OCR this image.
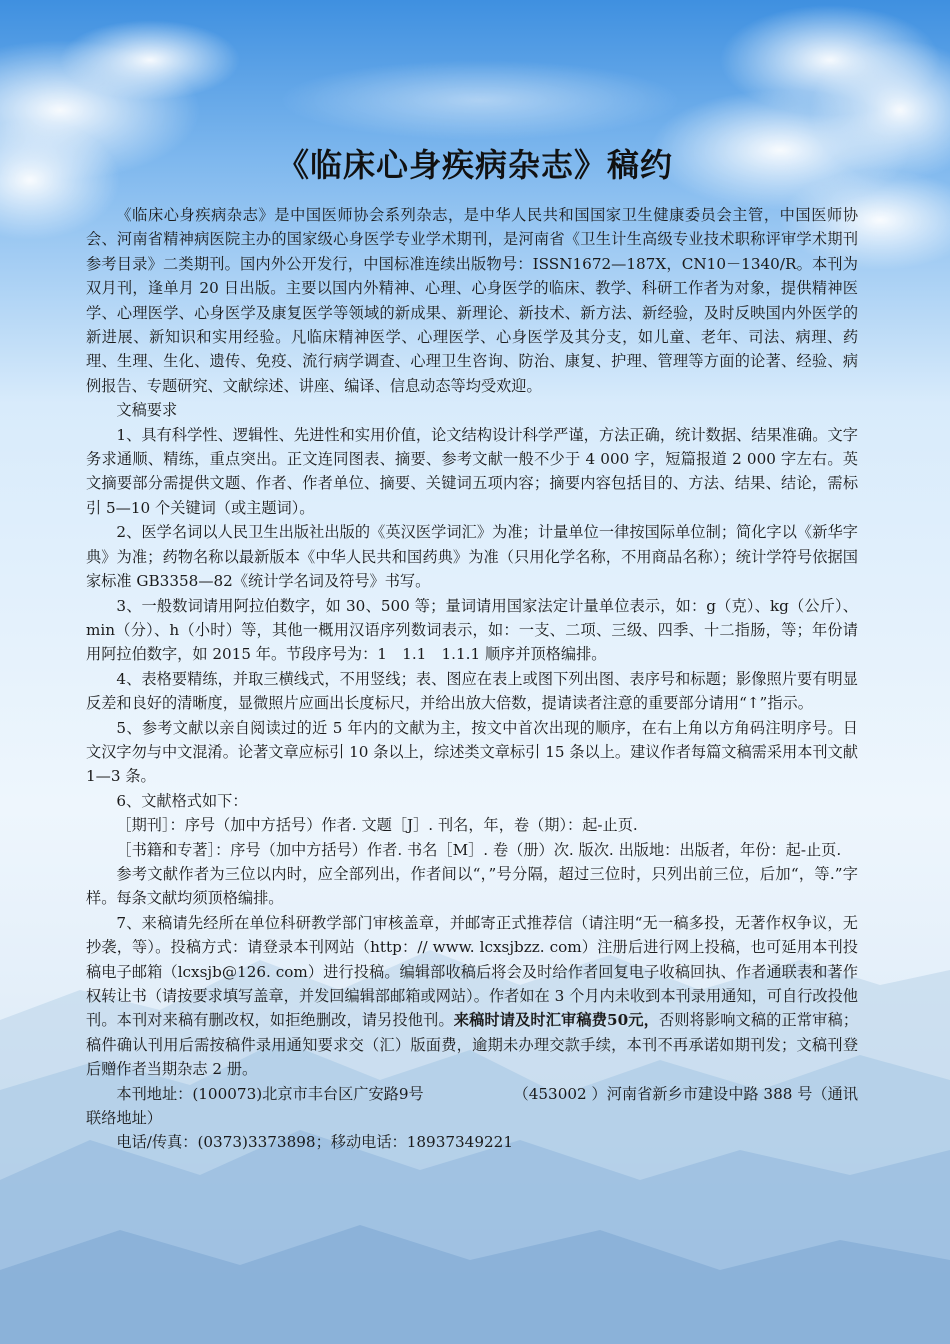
《临床心身疾病杂志》稿约

《临床心身疾病杂志》是中国医师协会系列杂志，是中华人民共和国国家卫生健康委员会主管，中国医师协会、河南省精神病医院主办的国家级心身医学专业学术期刊，是河南省《卫生计生高级专业技术职称评审学术期刊参考目录》二类期刊。国内外公开发行，中国标准连续出版物号：ISSN1672—187X，CN10－1340/R。本刊为双月刊，逢单月 20 日出版。主要以国内外精神、心理、心身医学的临床、教学、科研工作者为对象，提供精神医学、心理医学、心身医学及康复医学等领域的新成果、新理论、新技术、新方法、新经验，及时反映国内外医学的新进展、新知识和实用经验。凡临床精神医学、心理医学、心身医学及其分支，如儿童、老年、司法、病理、药理、生理、生化、遗传、免疫、流行病学调查、心理卫生咨询、防治、康复、护理、管理等方面的论著、经验、病例报告、专题研究、文献综述、讲座、编译、信息动态等均受欢迎。

文稿要求

1、具有科学性、逻辑性、先进性和实用价值，论文结构设计科学严谨，方法正确，统计数据、结果准确。文字务求通顺、精练，重点突出。正文连同图表、摘要、参考文献一般不少于 4 000 字，短篇报道 2 000 字左右。英文摘要部分需提供文题、作者、作者单位、摘要、关键词五项内容；摘要内容包括目的、方法、结果、结论，需标引 5—10 个关键词（或主题词）。

2、医学名词以人民卫生出版社出版的《英汉医学词汇》为准；计量单位一律按国际单位制；简化字以《新华字典》为准；药物名称以最新版本《中华人民共和国药典》为准（只用化学名称，不用商品名称）；统计学符号依据国家标准 GB3358—82《统计学名词及符号》书写。

3、一般数词请用阿拉伯数字，如 30、500 等；量词请用国家法定计量单位表示，如：g（克）、kg（公斤）、min（分）、h（小时）等，其他一概用汉语序列数词表示，如：一支、二项、三级、四季、十二指肠，等；年份请用阿拉伯数字，如 2015 年。节段序号为：1　1.1　1.1.1 顺序并顶格编排。

4、表格要精练，并取三横线式，不用竖线；表、图应在表上或图下列出图、表序号和标题；影像照片要有明显反差和良好的清晰度，显微照片应画出长度标尺，并给出放大倍数，提请读者注意的重要部分请用“↑”指示。

5、参考文献以亲自阅读过的近 5 年内的文献为主，按文中首次出现的顺序，在右上角以方角码注明序号。日文汉字勿与中文混淆。论著文章应标引 10 条以上，综述类文章标引 15 条以上。建议作者每篇文稿需采用本刊文献 1—3 条。

6、文献格式如下：

［期刊］：序号（加中方括号）作者. 文题［J］. 刊名，年，卷（期）：起-止页.

［书籍和专著］：序号（加中方括号）作者. 书名［M］. 卷（册）次. 版次. 出版地：出版者，年份：起-止页.

参考文献作者为三位以内时，应全部列出，作者间以“，”号分隔，超过三位时，只列出前三位，后加“，等.”字样。每条文献均须顶格编排。

7、来稿请先经所在单位科研教学部门审核盖章，并邮寄正式推荐信（请注明“无一稿多投，无著作权争议，无抄袭，等）。投稿方式：请登录本刊网站（http：// www. lcxsjbzz. com）注册后进行网上投稿，也可延用本刊投稿电子邮箱（lcxsjb@126. com）进行投稿。编辑部收稿后将会及时给作者回复电子收稿回执、作者通联表和著作权转让书（请按要求填写盖章，并发回编辑部邮箱或网站）。作者如在 3 个月内未收到本刊录用通知，可自行改投他刊。本刊对来稿有删改权，如拒绝删改，请另投他刊。来稿时请及时汇审稿费50元，否则将影响文稿的正常审稿；稿件确认刊用后需按稿件录用通知要求交（汇）版面费，逾期未办理交款手续，本刊不再承诺如期刊发；文稿刊登后赠作者当期杂志 2 册。

本刊地址：(100073)北京市丰台区广安路9号	（453002 ）河南省新乡市建设中路 388 号（通讯

联络地址）

电话/传真：(0373)3373898；移动电话：18937349221
